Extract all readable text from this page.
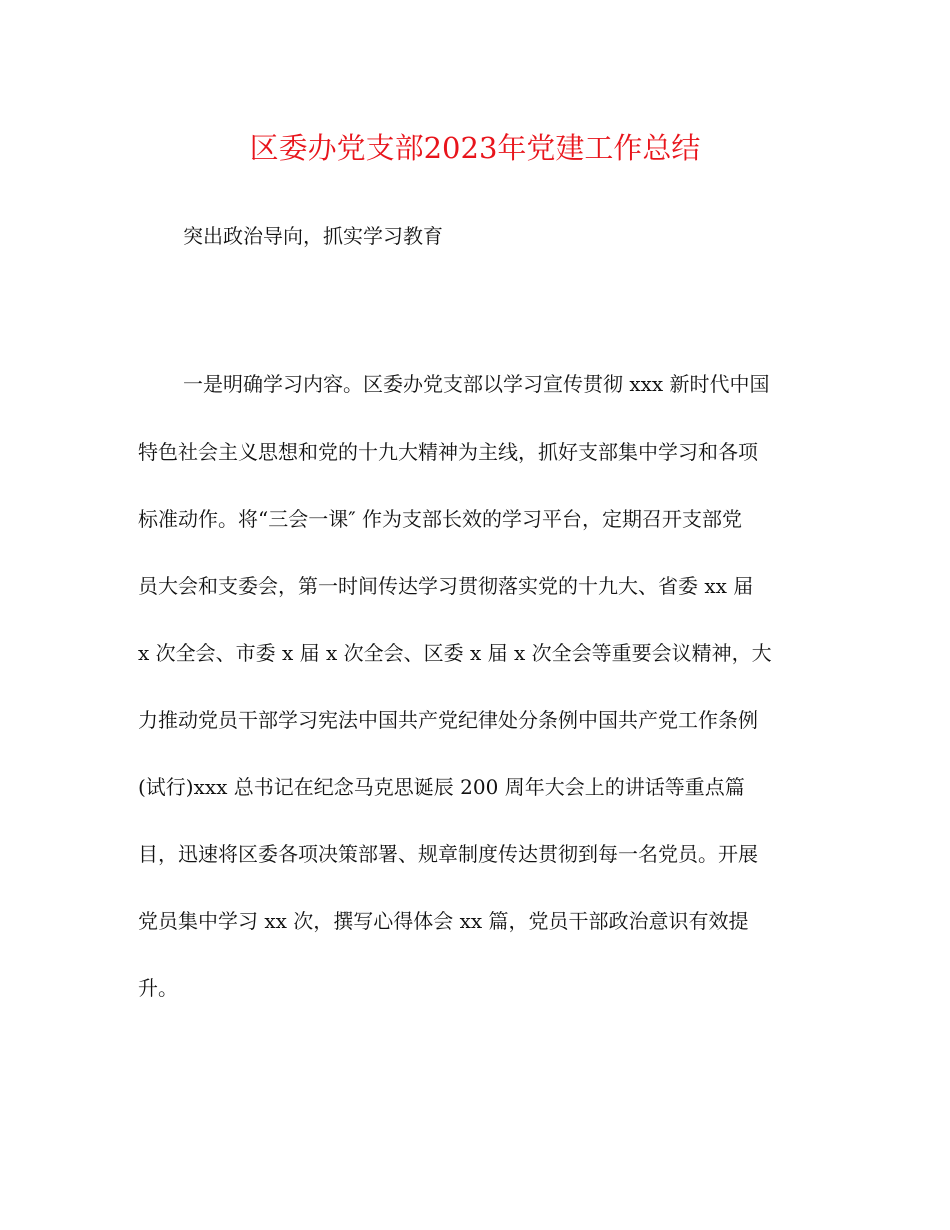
区委办党支部2023年党建工作总结
突出政治导向，抓实学习教育
一是明确学习内容。区委办党支部以学习宣传贯彻 xxx 新时代中国
特色社会主义思想和党的十九大精神为主线，抓好支部集中学习和各项
标准动作。将“三会一课″ 作为支部长效的学习平台，定期召开支部党
员大会和支委会，第一时间传达学习贯彻落实党的十九大、省委 xx 届
x 次全会、市委 x 届 x 次全会、区委 x 届 x 次全会等重要会议精神，大
力推动党员干部学习宪法中国共产党纪律处分条例中国共产党工作条例
(试行)xxx 总书记在纪念马克思诞辰 200 周年大会上的讲话等重点篇
目，迅速将区委各项决策部署、规章制度传达贯彻到每一名党员。开展
党员集中学习 xx 次，撰写心得体会 xx 篇，党员干部政治意识有效提
升。
